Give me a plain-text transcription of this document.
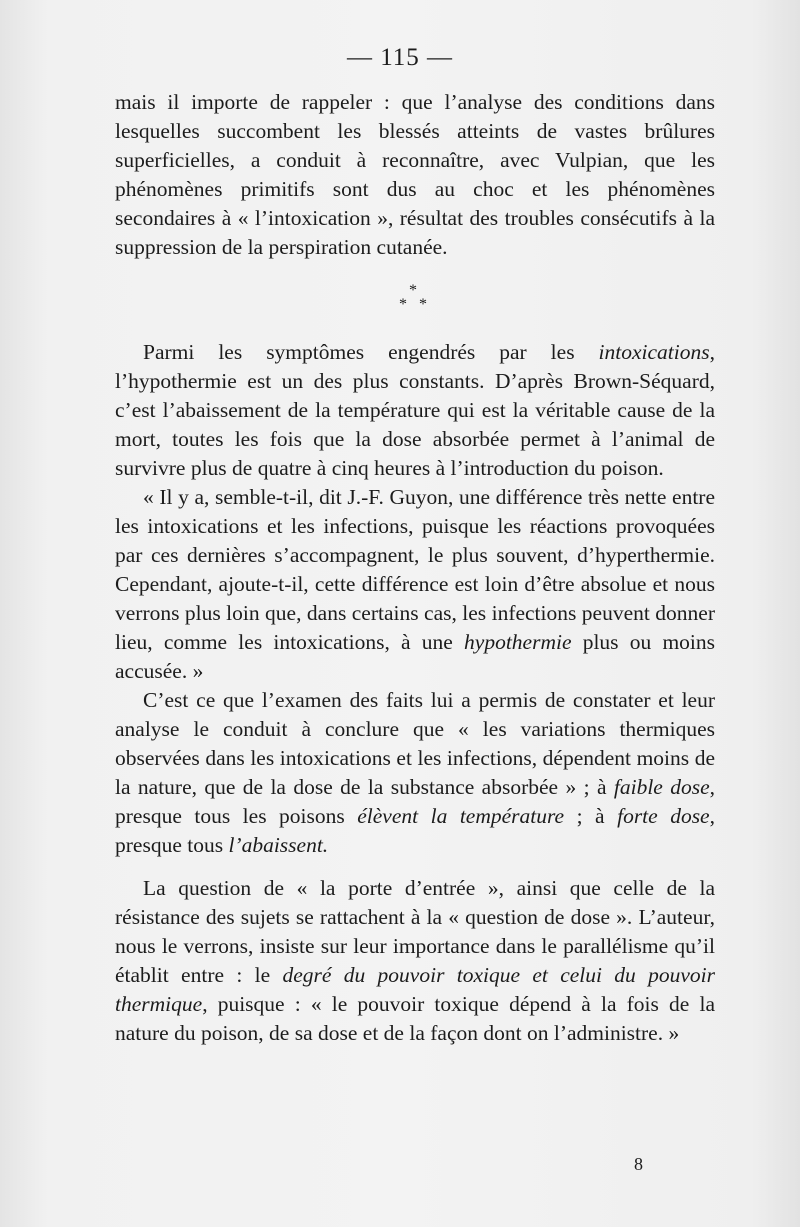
— 115 —

mais il importe de rappeler : que l’analyse des conditions dans lesquelles succombent les blessés atteints de vastes brûlures superficielles, a conduit à reconnaître, avec Vulpian, que les phénomènes primitifs sont dus au choc et les phénomènes secondaires à « l’intoxication », résultat des troubles consécutifs à la suppression de la perspiration cutanée.

*
* *

Parmi les symptômes engendrés par les intoxications, l’hypothermie est un des plus constants. D’après Brown-Séquard, c’est l’abaissement de la température qui est la véritable cause de la mort, toutes les fois que la dose absorbée permet à l’animal de survivre plus de quatre à cinq heures à l’introduction du poison.

« Il y a, semble-t-il, dit J.-F. Guyon, une différence très nette entre les intoxications et les infections, puisque les réactions provoquées par ces dernières s’accompagnent, le plus souvent, d’hyperthermie. Cependant, ajoute-t-il, cette différence est loin d’être absolue et nous verrons plus loin que, dans certains cas, les infections peuvent donner lieu, comme les intoxications, à une hypothermie plus ou moins accusée. »

C’est ce que l’examen des faits lui a permis de constater et leur analyse le conduit à conclure que « les variations thermiques observées dans les intoxications et les infections, dépendent moins de la nature, que de la dose de la substance absorbée » ; à faible dose, presque tous les poisons élèvent la température ; à forte dose, presque tous l’abaissent.

La question de « la porte d’entrée », ainsi que celle de la résistance des sujets se rattachent à la « question de dose ». L’auteur, nous le verrons, insiste sur leur importance dans le parallélisme qu’il établit entre : le degré du pouvoir toxique et celui du pouvoir thermique, puisque : « le pouvoir toxique dépend à la fois de la nature du poison, de sa dose et de la façon dont on l’administre. »

8
